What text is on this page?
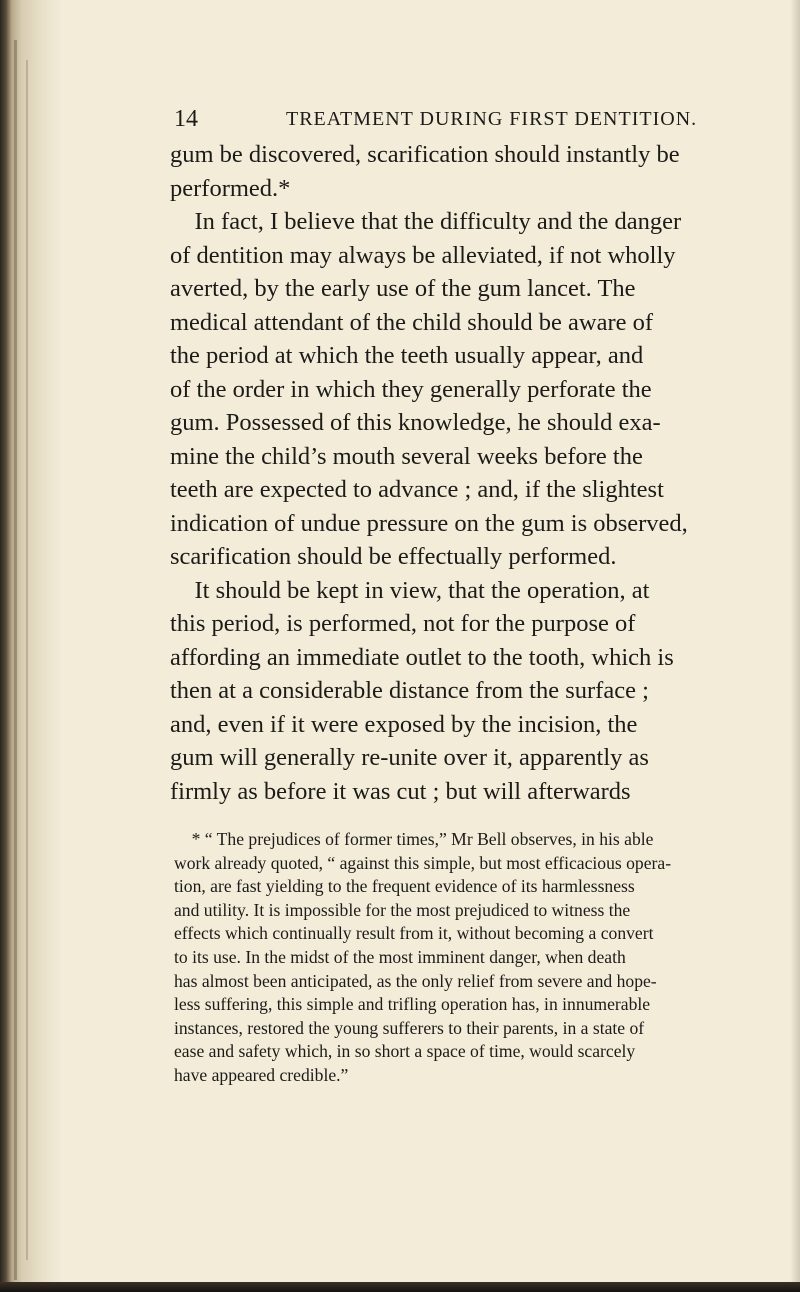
14	TREATMENT DURING FIRST DENTITION.
gum be discovered, scarification should instantly be
performed.*
In fact, I believe that the difficulty and the danger
of dentition may always be alleviated, if not wholly
averted, by the early use of the gum lancet. The
medical attendant of the child should be aware of
the period at which the teeth usually appear, and
of the order in which they generally perforate the
gum. Possessed of this knowledge, he should exa-
mine the child’s mouth several weeks before the
teeth are expected to advance ; and, if the slightest
indication of undue pressure on the gum is observed,
scarification should be effectually performed.
It should be kept in view, that the operation, at
this period, is performed, not for the purpose of
affording an immediate outlet to the tooth, which is
then at a considerable distance from the surface ;
and, even if it were exposed by the incision, the
gum will generally re-unite over it, apparently as
firmly as before it was cut ; but will afterwards
* “ The prejudices of former times,” Mr Bell observes, in his able
work already quoted, “ against this simple, but most efficacious opera-
tion, are fast yielding to the frequent evidence of its harmlessness
and utility. It is impossible for the most prejudiced to witness the
effects which continually result from it, without becoming a convert
to its use. In the midst of the most imminent danger, when death
has almost been anticipated, as the only relief from severe and hope-
less suffering, this simple and trifling operation has, in innumerable
instances, restored the young sufferers to their parents, in a state of
ease and safety which, in so short a space of time, would scarcely
have appeared credible.”
